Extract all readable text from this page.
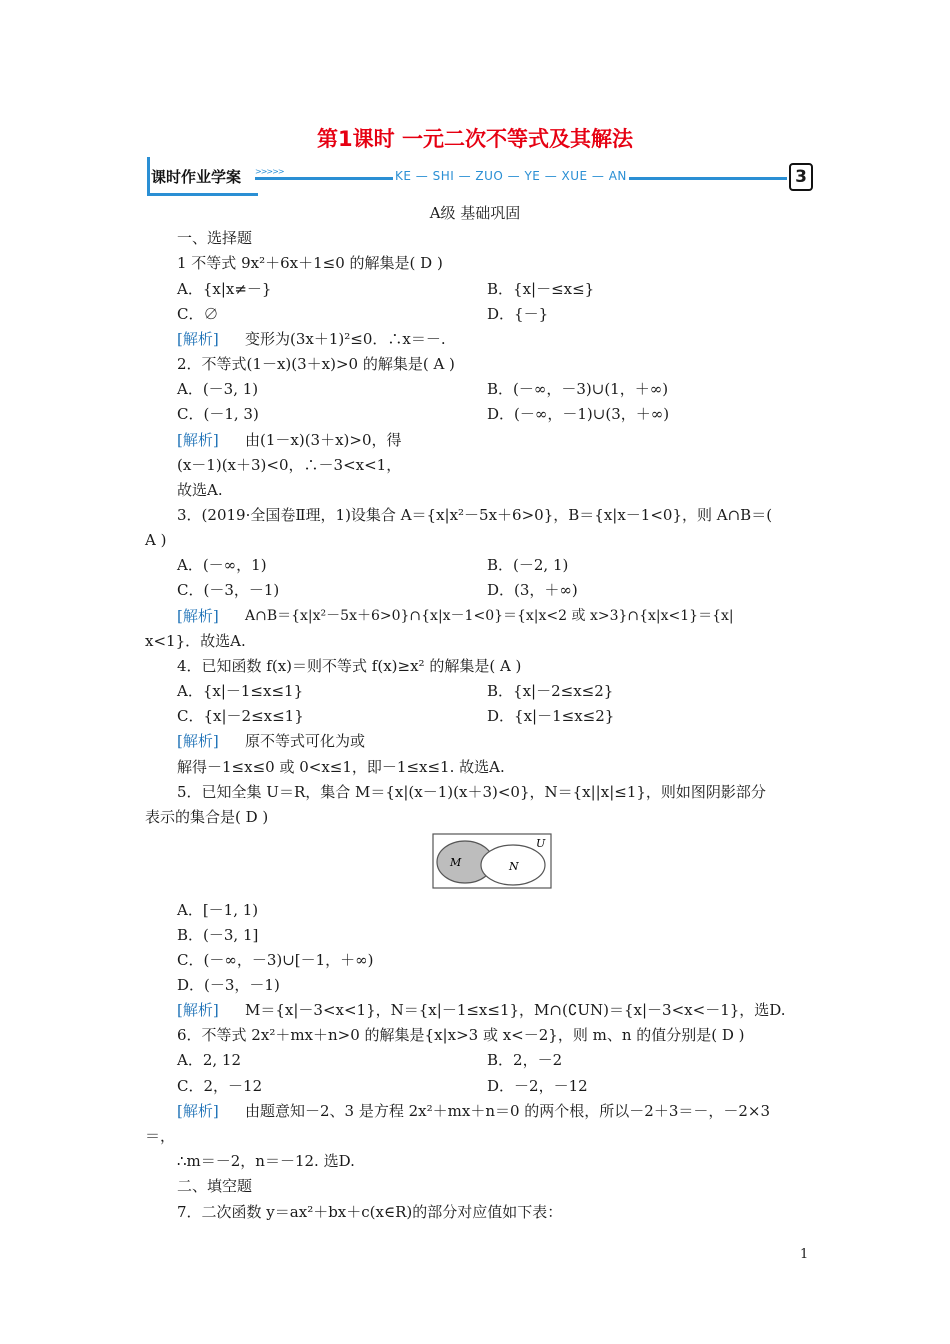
第1课时 一元二次不等式及其解法
课时作业学案 >>>>>	KE — SHI — ZUO — YE — XUE — AN	3
A级 基础巩固
一、选择题
1 不等式 9x²＋6x＋1≤0 的解集是( D )
A．{x|x≠－}	B．{x|－≤x≤}
C．∅	D．{－}
[解析] 变形为(3x＋1)²≤0．∴x＝－.
2．不等式(1－x)(3＋x)>0 的解集是( A )
A．(－3, 1)	B．(－∞，－3)∪(1，＋∞)
C．(－1, 3)	D．(－∞，－1)∪(3，＋∞)
[解析] 由(1－x)(3＋x)>0，得
(x－1)(x＋3)<0，∴－3<x<1，
故选A.
3．(2019·全国卷Ⅱ理，1)设集合 A＝{x|x²－5x＋6>0}，B＝{x|x－1<0}，则 A∩B＝(
A )
A．(－∞，1)	B．(－2, 1)
C．(－3，－1)	D．(3，＋∞)
[解析] A∩B＝{x|x²－5x＋6>0}∩{x|x－1<0}＝{x|x<2 或 x>3}∩{x|x<1}＝{x|
x<1}．故选A.
4．已知函数 f(x)＝则不等式 f(x)≥x² 的解集是( A )
A．{x|－1≤x≤1}	B．{x|－2≤x≤2}
C．{x|－2≤x≤1}	D．{x|－1≤x≤2}
[解析] 原不等式可化为或
解得－1≤x≤0 或 0<x≤1，即－1≤x≤1. 故选A.
5．已知全集 U＝R，集合 M＝{x|(x－1)(x＋3)<0}，N＝{x||x|≤1}，则如图阴影部分
表示的集合是( D )
U
M	N
A．[－1, 1)
B．(－3, 1]
C．(－∞，－3)∪[－1，＋∞)
D．(－3，－1)
[解析] M＝{x|－3<x<1}，N＝{x|－1≤x≤1}，M∩(∁UN)＝{x|－3<x<－1}，选D.
6．不等式 2x²＋mx＋n>0 的解集是{x|x>3 或 x<－2}，则 m、n 的值分别是( D )
A．2, 12	B．2，－2
C．2，－12	D．－2，－12
[解析] 由题意知－2、3 是方程 2x²＋mx＋n＝0 的两个根，所以－2＋3＝－，－2×3
＝，
∴m＝－2，n＝－12. 选D.
二、填空题
7．二次函数 y＝ax²＋bx＋c(x∈R)的部分对应值如下表：
1
